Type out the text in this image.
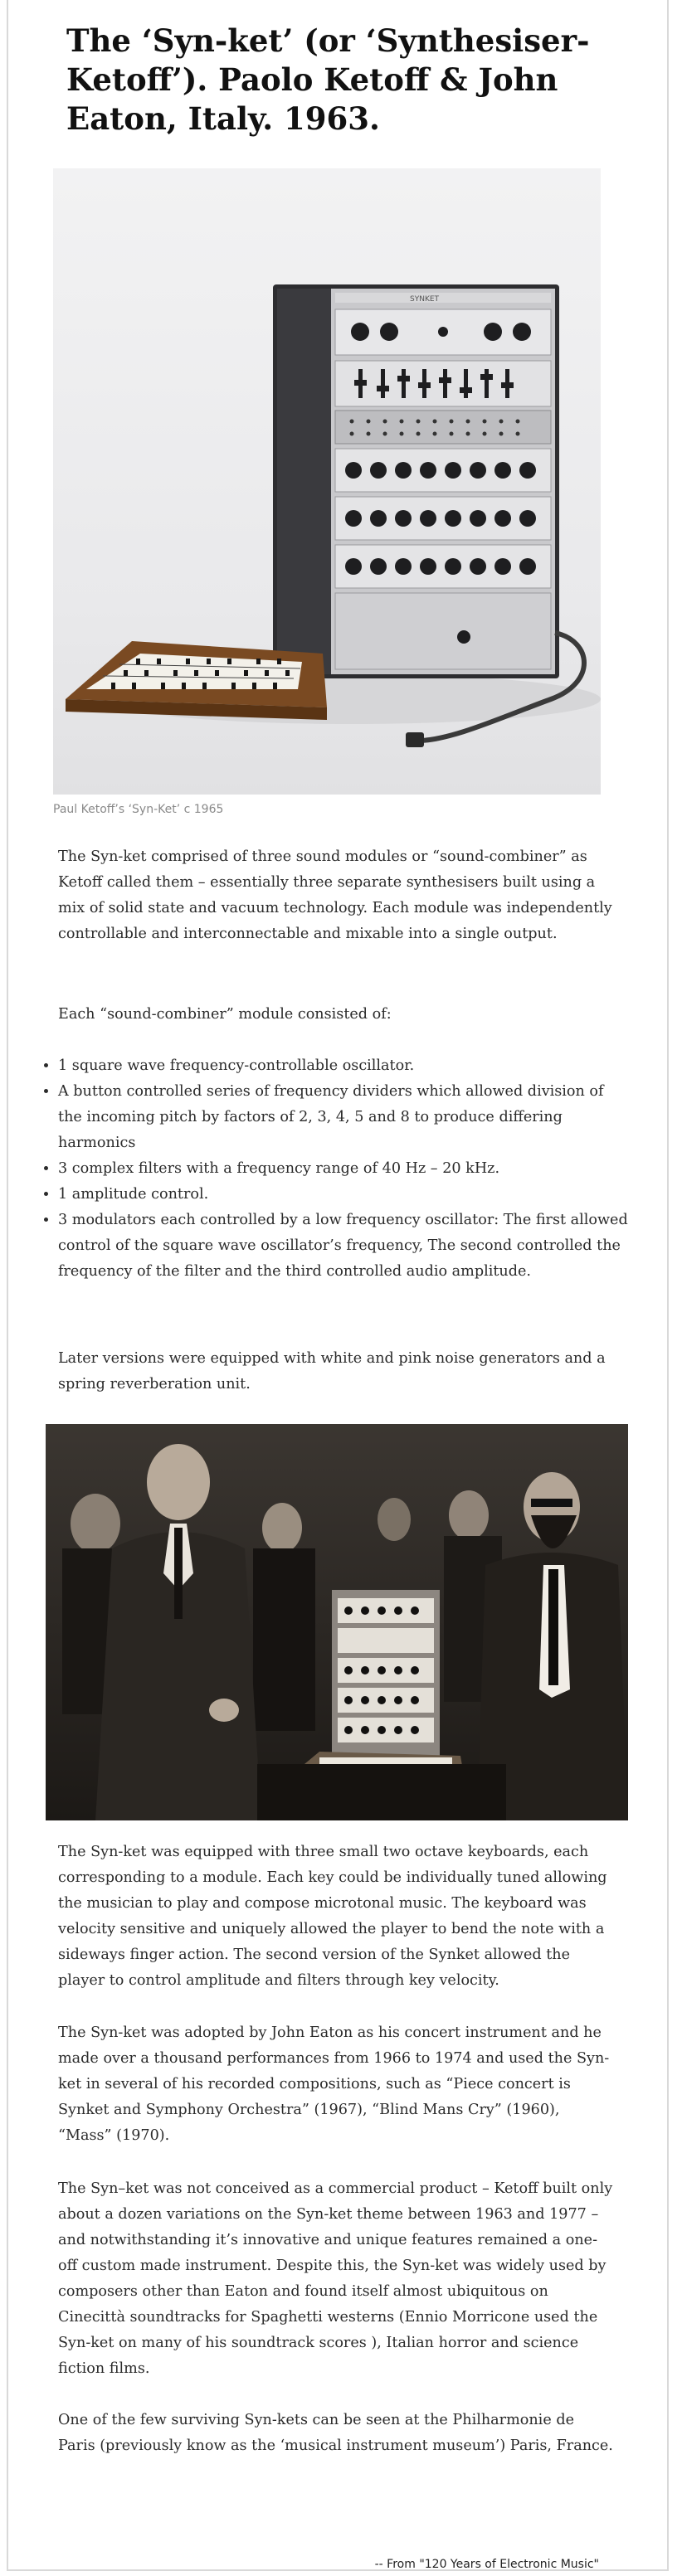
The ‘Syn-ket’ (or ‘Synthesiser-Ketoff’). Paolo Ketoff & John Eaton, Italy. 1963.
SYNKET
Paul Ketoff’s ‘Syn-Ket’ c 1965

The Syn-ket comprised of three sound modules or “sound-combiner” as Ketoff called them – essentially three separate synthesisers built using a mix of solid state and vacuum technology. Each module was independently controllable and interconnectable and mixable into a single output.

Each “sound-combiner” module consisted of:

• 1 square wave frequency-controllable oscillator.
• A button controlled series of frequency dividers which allowed division of the incoming pitch by factors of 2, 3, 4, 5 and 8 to produce differing harmonics
• 3 complex filters with a frequency range of 40 Hz – 20 kHz.
• 1 amplitude control.
• 3 modulators each controlled by a low frequency oscillator: The first allowed control of the square wave oscillator’s frequency, The second controlled the frequency of the filter and the third controlled audio amplitude.

Later versions were equipped with white and pink noise generators and a spring reverberation unit.

The Syn-ket was equipped with three small two octave keyboards, each corresponding to a module. Each key could be individually tuned allowing the musician to play and compose microtonal music. The keyboard was velocity sensitive and uniquely allowed the player to bend the note with a sideways finger action. The second version of the Synket allowed the player to control amplitude and filters through key velocity.

The Syn-ket was adopted by John Eaton as his concert instrument and he made over a thousand performances from 1966 to 1974 and used the Syn-ket in several of his recorded compositions, such as “Piece concert is Synket and Symphony Orchestra” (1967), “Blind Mans Cry” (1960), “Mass” (1970).

The Syn–ket was not conceived as a commercial product – Ketoff built only about a dozen variations on the Syn-ket theme between 1963 and 1977 – and notwithstanding it’s innovative and unique features remained a one-off custom made instrument. Despite this, the Syn-ket was widely used by composers other than Eaton and found itself almost ubiquitous on Cinecittà soundtracks for Spaghetti westerns (Ennio Morricone used the Syn-ket on many of his soundtrack scores ), Italian horror and science fiction films.

One of the few surviving Syn-kets can be seen at the Philharmonie de Paris (previously know as the ‘musical instrument museum’) Paris, France.

-- From "120 Years of Electronic Music"
